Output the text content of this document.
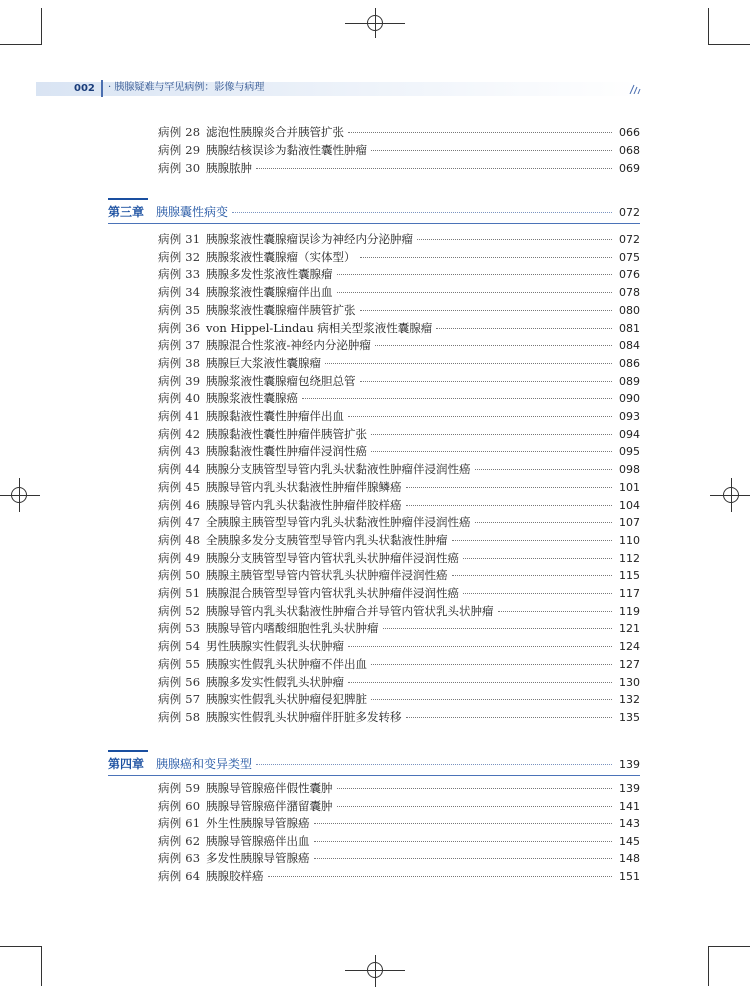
002 · 胰腺疑难与罕见病例：影像与病理
病例 28 滤泡性胰腺炎合并胰管扩张	066
病例 29 胰腺结核误诊为黏液性囊性肿瘤	068
病例 30 胰腺脓肿	069
第三章 胰腺囊性病变	072
病例 31 胰腺浆液性囊腺瘤误诊为神经内分泌肿瘤	072
病例 32 胰腺浆液性囊腺瘤（实体型）	075
病例 33 胰腺多发性浆液性囊腺瘤	076
病例 34 胰腺浆液性囊腺瘤伴出血	078
病例 35 胰腺浆液性囊腺瘤伴胰管扩张	080
病例 36 von Hippel-Lindau 病相关型浆液性囊腺瘤	081
病例 37 胰腺混合性浆液-神经内分泌肿瘤	084
病例 38 胰腺巨大浆液性囊腺瘤	086
病例 39 胰腺浆液性囊腺瘤包绕胆总管	089
病例 40 胰腺浆液性囊腺癌	090
病例 41 胰腺黏液性囊性肿瘤伴出血	093
病例 42 胰腺黏液性囊性肿瘤伴胰管扩张	094
病例 43 胰腺黏液性囊性肿瘤伴浸润性癌	095
病例 44 胰腺分支胰管型导管内乳头状黏液性肿瘤伴浸润性癌	098
病例 45 胰腺导管内乳头状黏液性肿瘤伴腺鳞癌	101
病例 46 胰腺导管内乳头状黏液性肿瘤伴胶样癌	104
病例 47 全胰腺主胰管型导管内乳头状黏液性肿瘤伴浸润性癌	107
病例 48 全胰腺多发分支胰管型导管内乳头状黏液性肿瘤	110
病例 49 胰腺分支胰管型导管内管状乳头状肿瘤伴浸润性癌	112
病例 50 胰腺主胰管型导管内管状乳头状肿瘤伴浸润性癌	115
病例 51 胰腺混合胰管型导管内管状乳头状肿瘤伴浸润性癌	117
病例 52 胰腺导管内乳头状黏液性肿瘤合并导管内管状乳头状肿瘤	119
病例 53 胰腺导管内嗜酸细胞性乳头状肿瘤	121
病例 54 男性胰腺实性假乳头状肿瘤	124
病例 55 胰腺实性假乳头状肿瘤不伴出血	127
病例 56 胰腺多发实性假乳头状肿瘤	130
病例 57 胰腺实性假乳头状肿瘤侵犯脾脏	132
病例 58 胰腺实性假乳头状肿瘤伴肝脏多发转移	135
第四章 胰腺癌和变异类型	139
病例 59 胰腺导管腺癌伴假性囊肿	139
病例 60 胰腺导管腺癌伴潴留囊肿	141
病例 61 外生性胰腺导管腺癌	143
病例 62 胰腺导管腺癌伴出血	145
病例 63 多发性胰腺导管腺癌	148
病例 64 胰腺胶样癌	151
